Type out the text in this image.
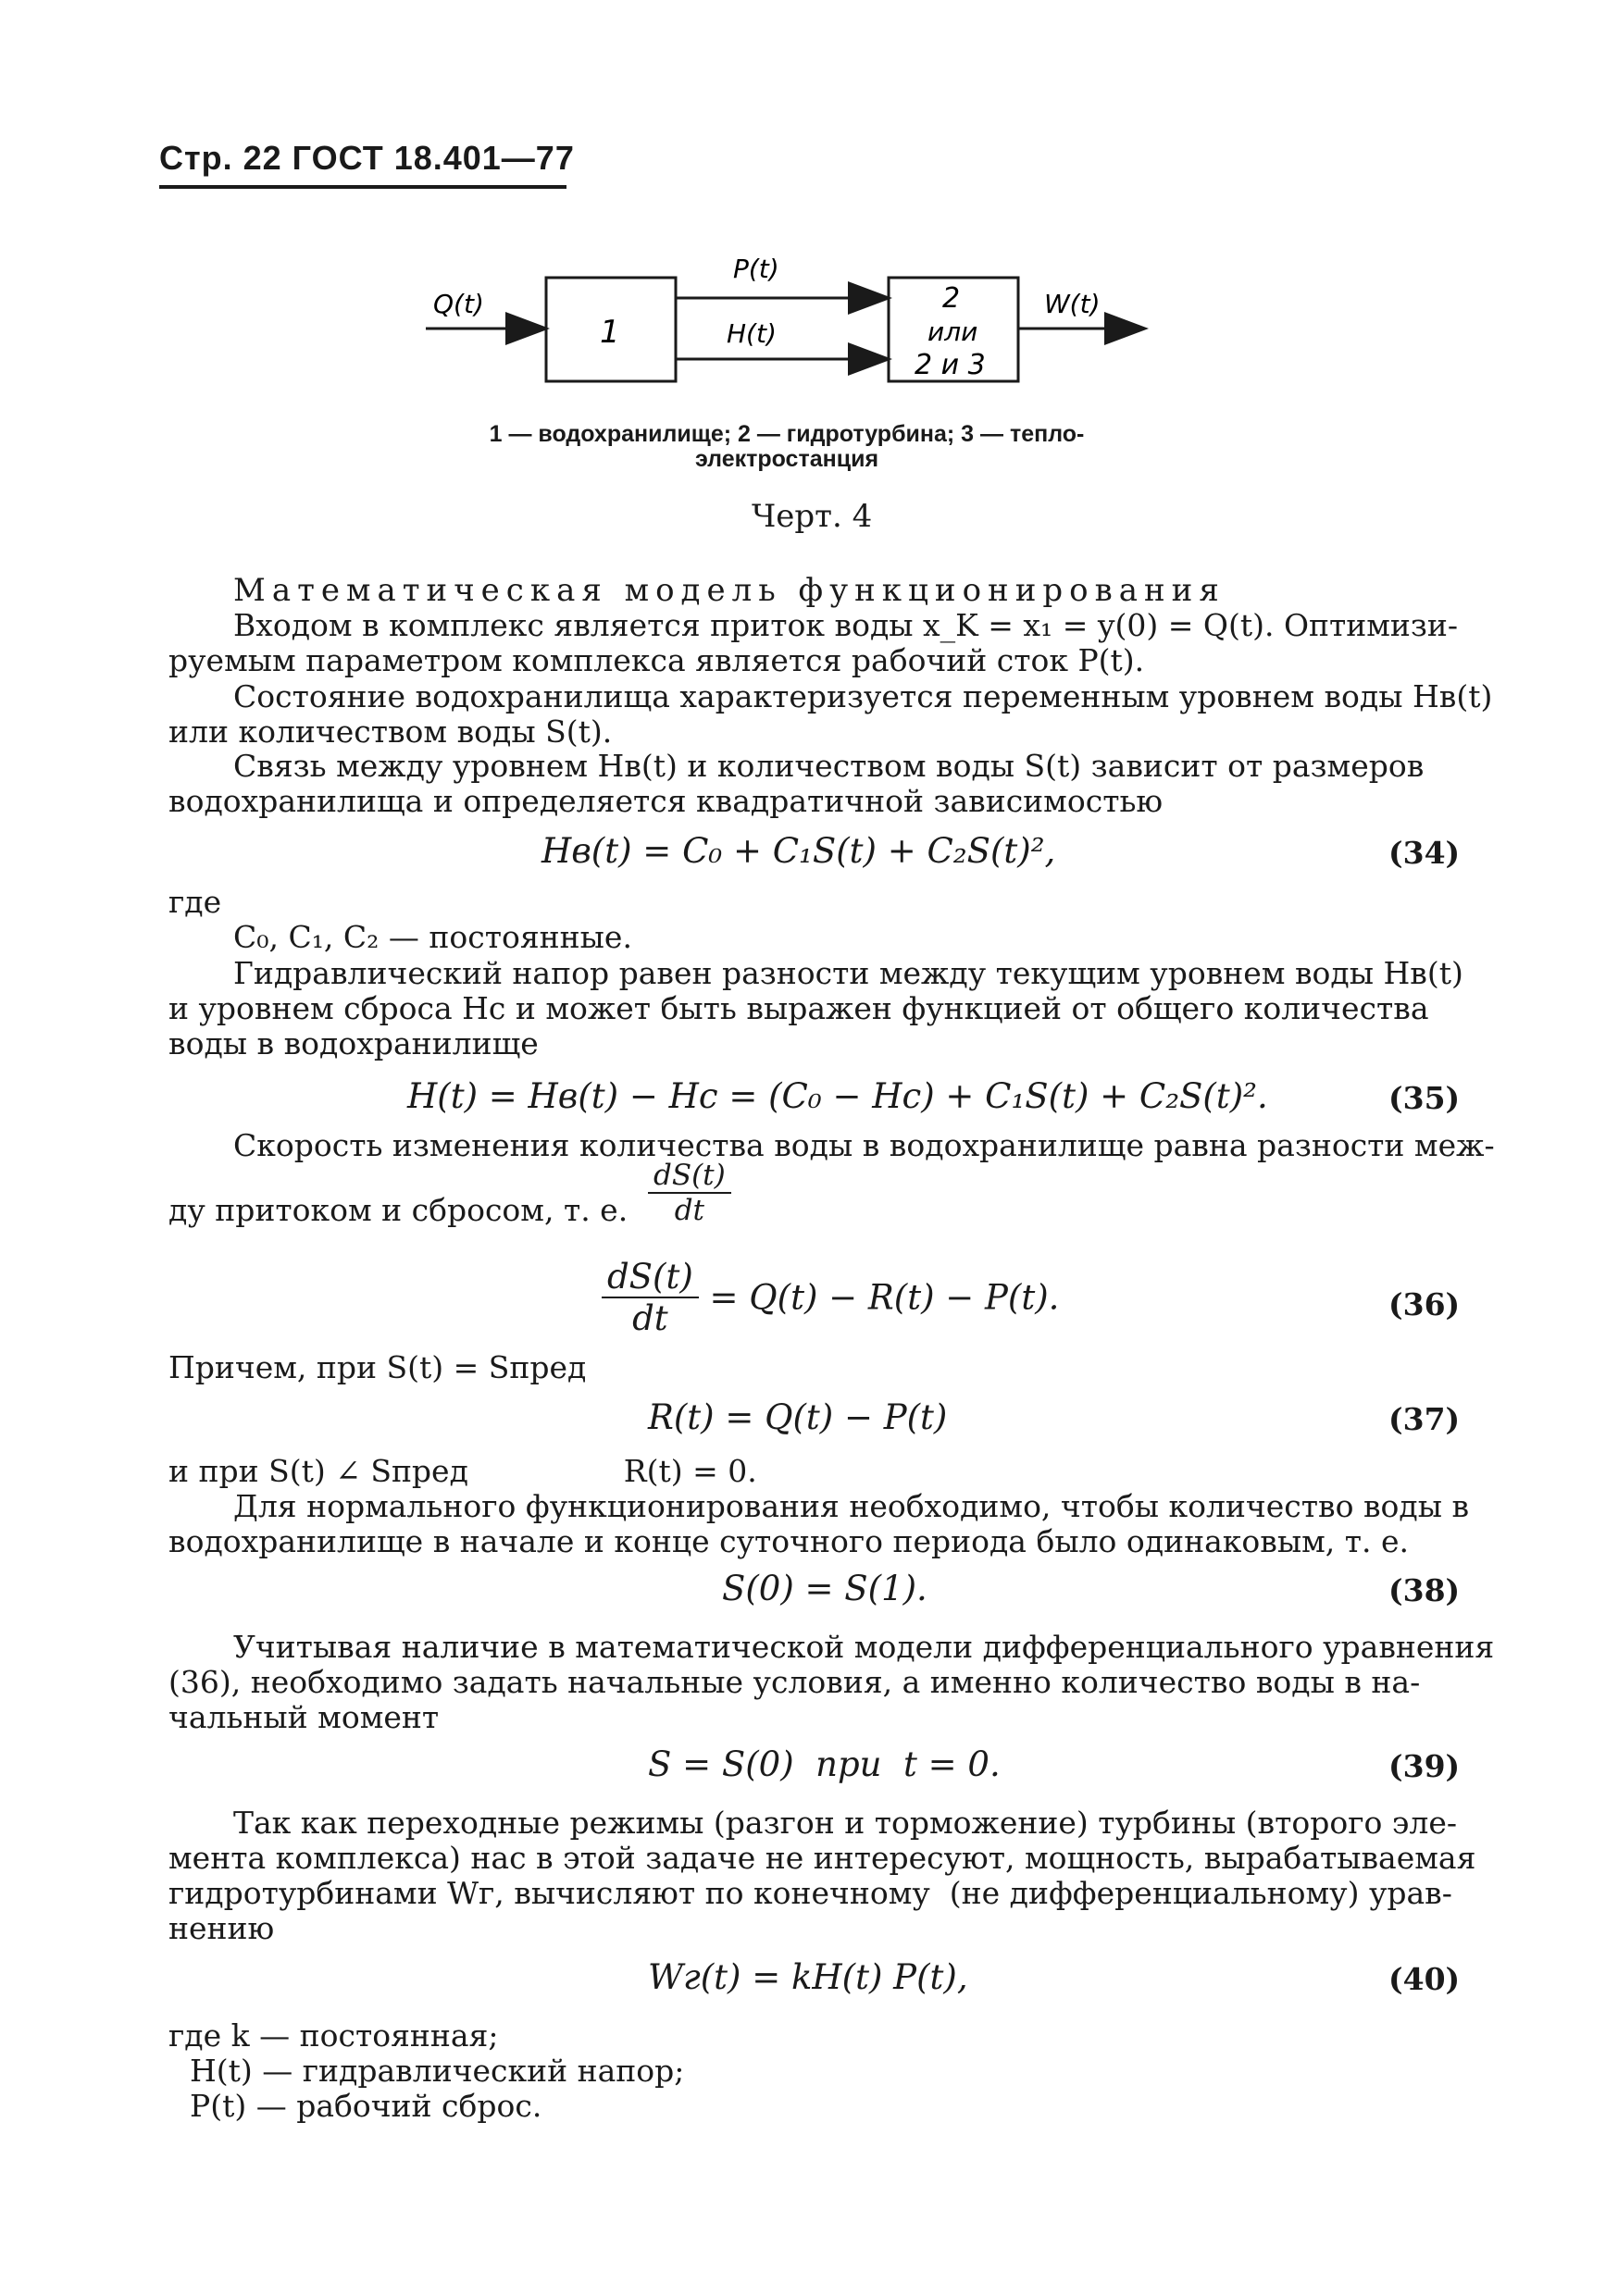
Стр. 22 ГОСТ 18.401—77
Q(t)
1
P(t)
H(t)
2
или
2 и 3
W(t)
1 — водохранилище; 2 — гидротурбина; 3 — тепло-
электростанция
Черт. 4
Математическая модель функционирования
Входом в комплекс является приток воды x_K = x₁ = y(0) = Q(t). Оптимизи-
руемым параметром комплекса является рабочий сток P(t).
Состояние водохранилища характеризуется переменным уровнем воды Hв(t)
или количеством воды S(t).
Связь между уровнем Hв(t) и количеством воды S(t) зависит от размеров
водохранилища и определяется квадратичной зависимостью
Hв(t) = C₀ + C₁S(t) + C₂S(t)²,	(34)
где
C₀, C₁, C₂ — постоянные.
Гидравлический напор равен разности между текущим уровнем воды Hв(t)
и уровнем сброса Hс и может быть выражен функцией от общего количества
воды в водохранилище
H(t) = Hв(t) − Hс = (C₀ − Hс) + C₁S(t) + C₂S(t)².	(35)
Скорость изменения количества воды в водохранилище равна разности меж-
ду притоком и сбросом, т. е. $\frac{dS(t)}{dt}$
$\frac{dS(t)}{dt} = Q(t) - R(t) - P(t)$.	(36)
Причем, при S(t) = Sпред
R(t) = Q(t) − P(t)	(37)
и при S(t) ∠ Sпред                R(t) = 0.
Для нормального функционирования необходимо, чтобы количество воды в
водохранилище в начале и конце суточного периода было одинаковым, т. е.
S(0) = S(1).	(38)
Учитывая наличие в математической модели дифференциального уравнения
(36), необходимо задать начальные условия, а именно количество воды в на-
чальный момент
S = S(0)  при  t = 0.	(39)
Так как переходные режимы (разгон и торможение) турбины (второго эле-
мента комплекса) нас в этой задаче не интересуют, мощность, вырабатываемая
гидротурбинами Wг, вычисляют по конечному  (не дифференциальному) урав-
нению
Wг(t) = kH(t) P(t),	(40)
где k — постоянная;
H(t) — гидравлический напор;
P(t) — рабочий сброс.
